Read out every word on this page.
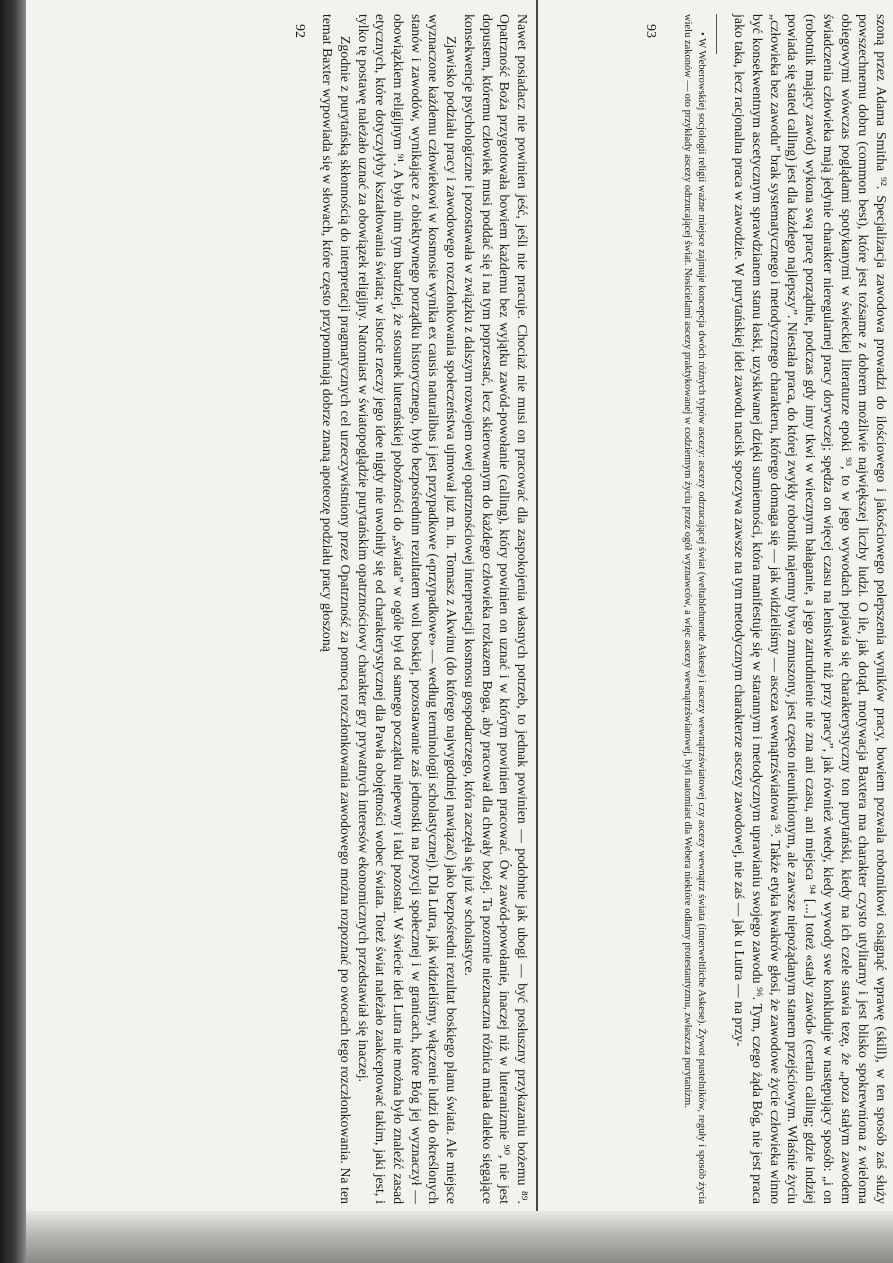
Nawet posiadacz nie powinien jeść, jeśli nie pracuje. Chociaż nie musi on pracować dla zaspokojenia własnych potrzeb, to jednak powinien — podobnie jak ubogi — być posłuszny przykazaniu bożemu ⁸⁹. Opatrzność Boża przygotowała bowiem każdemu bez wyjątku zawód-powołanie (calling), który powinien on uznać i w którym powinien pracować. Ów zawód-powołanie, inaczej niż w luteranizmie ⁹⁰, nie jest dopustem, któremu człowiek musi poddać się i na tym poprzestać, lecz skierowanym do każdego człowieka rozkazem Boga, aby pracował dla chwały bożej. Ta pozornie nieznaczna różnica miała daleko sięgające konsekwencje psychologiczne i pozostawała w związku z dalszym rozwojem owej opatrznościowej interpretacji kosmosu gospodarczego, która zaczęła się już w scholastyce.

Zjawisko podziału pracy i zawodowego rozczłonkowania społeczeństwa ujmował już m. in. Tomasz z Akwinu (do którego najwygodniej nawiązać) jako bezpośredni rezultat boskiego planu świata. Ale miejsce wyznaczone każdemu człowiekowi w kosmosie wynika ex causis naturalibus i jest przypadkowe («przypadkowe» — według terminologii scholastycznej). Dla Lutra, jak widzieliśmy, włączenie ludzi do określonych stanów i zawodów, wynikające z obiektywnego porządku historycznego, było bezpośrednim rezultatem woli boskiej, pozostawanie zaś jednostki na pozycji społecznej i w granicach, które Bóg jej wyznaczył — obowiązkiem religijnym ⁹¹. A było nim tym bardziej, że stosunek luterańskiej pobożności do „świata” w ogóle był od samego początku niepewny i taki pozostał. W świecie idei Lutra nie można było znaleźć zasad etycznych, które dotyczyłyby kształtowania świata; w istocie rzeczy jego idee nigdy nie uwolniły się od charakterystycznej dla Pawła obojętności wobec świata. Toteż świat należało zaakceptować takim, jaki jest, i tylko tę postawę należało uznać za obowiązek religijny. Natomiast w światopoglądzie purytańskim opatrznościowy charakter gry prywatnych interesów ekonomicznych przedstawiał się inaczej.

Zgodnie z purytańską skłonnością do interpretacji pragmatycznych cel urzeczywistniony przez Opatrzność za pomocą rozczłonkowania zawodowego można rozpoznać po owocach tego rozczłonkowania. Na ten temat Baxter wypowiada się w słowach, które często przypominają dobrze znaną apoteozę podziału pracy głoszoną

92	szoną przez Adama Smitha ⁹². Specjalizacja zawodowa prowadzi do ilościowego i jakościowego polepszenia wyników pracy, bowiem pozwala robotnikowi osiągnąć wprawę (skill), w ten sposób zaś służy powszechnemu dobru (common best), które jest tożsame z dobrem możliwie największej liczby ludzi. O ile, jak dotąd, motywacja Baxtera ma charakter czysto utylitarny i jest blisko spokrewniona z wieloma obiegowymi wówczas poglądami spotykanymi w świeckiej literaturze epoki ⁹³, to w jego wywodach pojawia się charakterystyczny ton purytański, kiedy na ich czele stawia tezę, że „poza stałym zawodem świadczenia człowieka mają jedynie charakter nieregularnej pracy dorywczej; spędza on więcej czasu na lenistwie niż przy pracy”, jak również wtedy, kiedy wywody swe konkluduje w następujący sposób: „i on (robotnik mający zawód) wykona swą pracę porządnie, podczas gdy inny tkwi w wiecznym bałaganie, a jego zatrudnienie nie zna ani czasu, ani miejsca ⁹⁴ [...] toteż «stały zawód» (certain calling; gdzie indziej powiada się stated calling) jest dla każdego najlepszy”. Niestała praca, do której zwykły robotnik najemny bywa zmuszony, jest często nieuniknionym, ale zawsze niepożądanym stanem przejściowym. Właśnie życiu „człowieka bez zawodu” brak systematycznego i metodycznego charakteru, którego domaga się — jak widzieliśmy — asceza wewnątrzświatowa ⁹⁵. Także etyka kwakrów głosi, że zawodowe życie człowieka winno być konsekwentnym ascetycznym sprawdzianem stanu łaski, uzyskiwanej dzięki sumienności, która manifestuje się w starannym i metodycznym uprawianiu swojego zawodu ⁹⁶. Tym, czego żąda Bóg, nie jest praca jako taka, lecz racjonalna praca w zawodzie. W purytańskiej idei zawodu nacisk spoczywa zawsze na tym metodycznym charakterze ascezy zawodowej, nie zaś — jak u Lutra — na przy-

• W Weberowskiej socjologii religii ważne miejsce zajmuje koncepcja dwóch różnych typów ascezy: ascezy odrzucającej świat (weltablehnende Askese) i ascezy wewnątrzświatowej czy ascezy wewnątrz świata (innerweltliche Askese). Żywot pustelników, reguły i sposób życia wielu zakonów — oto przykłady ascezy odrzucającej świat. Nosicielami ascezy praktykowanej w codziennym życiu przez ogół wyznawców, a więc ascezy wewnątrzświatowej, byli natomiast dla Webera niektóre odłamy protestantyzmu, zwłaszcza purytanizm.

93
